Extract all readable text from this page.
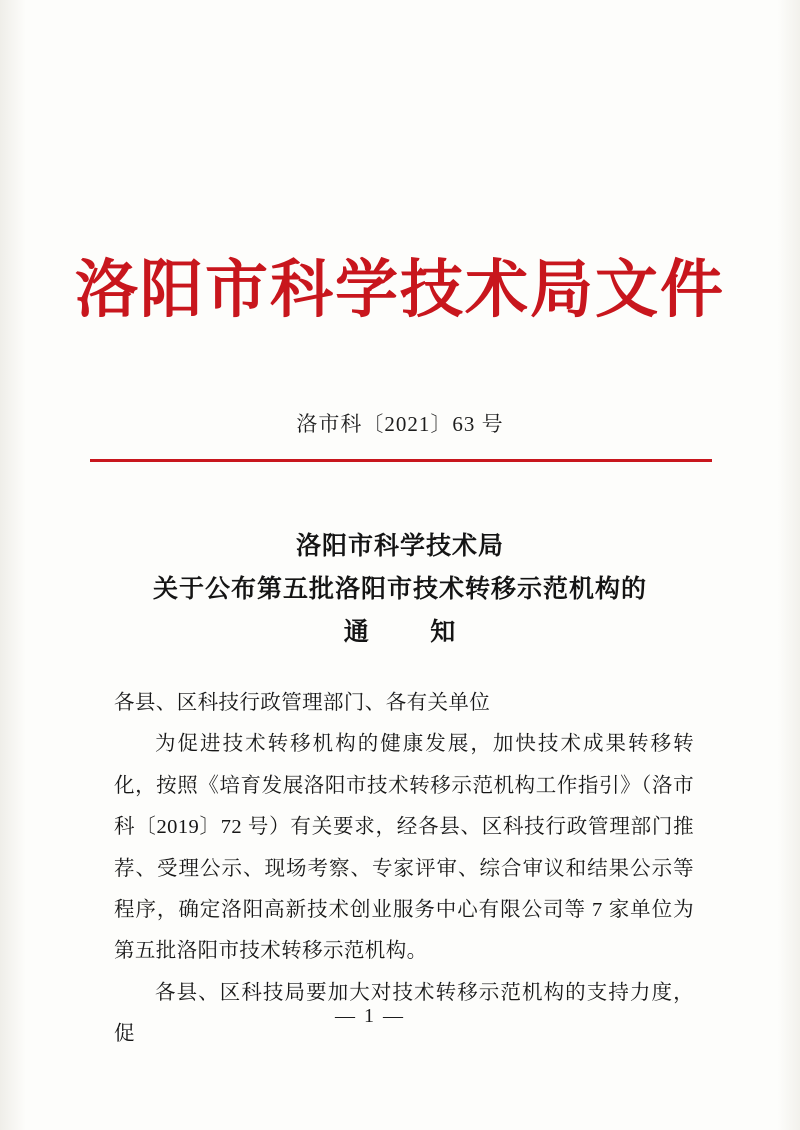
洛阳市科学技术局文件
洛市科〔2021〕63 号
洛阳市科学技术局
关于公布第五批洛阳市技术转移示范机构的
通 知

各县、区科技行政管理部门、各有关单位

为促进技术转移机构的健康发展，加快技术成果转移转化，按照《培育发展洛阳市技术转移示范机构工作指引》（洛市科〔2019〕72 号）有关要求，经各县、区科技行政管理部门推荐、受理公示、现场考察、专家评审、综合审议和结果公示等程序，确定洛阳高新技术创业服务中心有限公司等 7 家单位为第五批洛阳市技术转移示范机构。

各县、区科技局要加大对技术转移示范机构的支持力度，促

— 1 —
